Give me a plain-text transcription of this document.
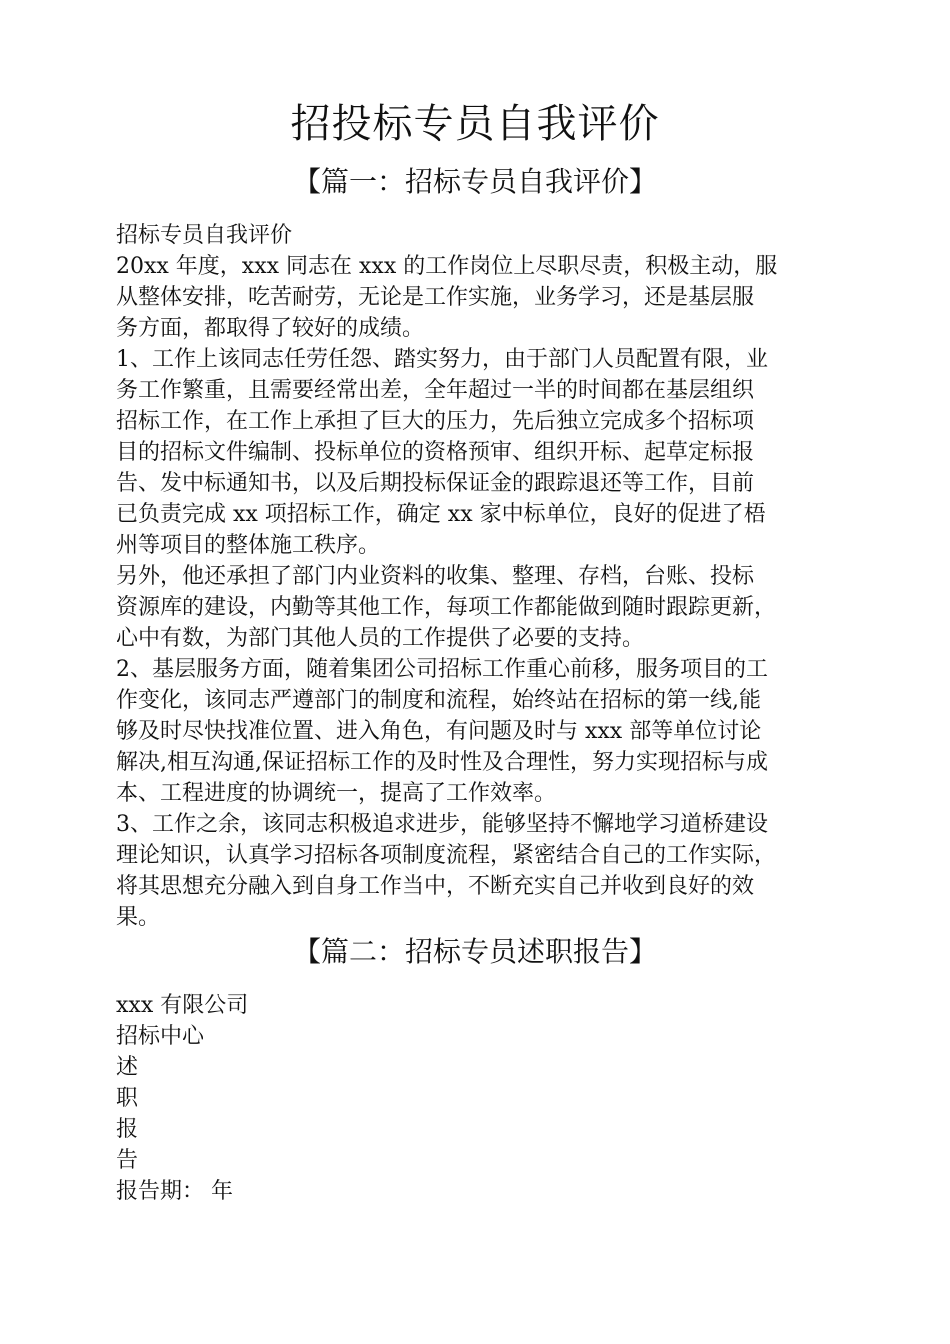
招投标专员自我评价
【篇一：招标专员自我评价】
招标专员自我评价
20xx 年度，xxx 同志在 xxx 的工作岗位上尽职尽责，积极主动，服
从整体安排，吃苦耐劳，无论是工作实施，业务学习，还是基层服
务方面，都取得了较好的成绩。
1、工作上该同志任劳任怨、踏实努力，由于部门人员配置有限，业
务工作繁重，且需要经常出差，全年超过一半的时间都在基层组织
招标工作，在工作上承担了巨大的压力，先后独立完成多个招标项
目的招标文件编制、投标单位的资格预审、组织开标、起草定标报
告、发中标通知书，以及后期投标保证金的跟踪退还等工作，目前
已负责完成 xx 项招标工作，确定 xx 家中标单位，良好的促进了梧
州等项目的整体施工秩序。
另外，他还承担了部门内业资料的收集、整理、存档，台账、投标
资源库的建设，内勤等其他工作，每项工作都能做到随时跟踪更新，
心中有数，为部门其他人员的工作提供了必要的支持。
2、基层服务方面，随着集团公司招标工作重心前移，服务项目的工
作变化，该同志严遵部门的制度和流程，始终站在招标的第一线,能
够及时尽快找准位置、进入角色，有问题及时与 xxx 部等单位讨论
解决,相互沟通,保证招标工作的及时性及合理性，努力实现招标与成
本、工程进度的协调统一，提高了工作效率。
3、工作之余，该同志积极追求进步，能够坚持不懈地学习道桥建设
理论知识，认真学习招标各项制度流程，紧密结合自己的工作实际，
将其思想充分融入到自身工作当中，不断充实自己并收到良好的效
果。
【篇二：招标专员述职报告】
xxx 有限公司
招标中心
述
职
报
告
报告期： 年
